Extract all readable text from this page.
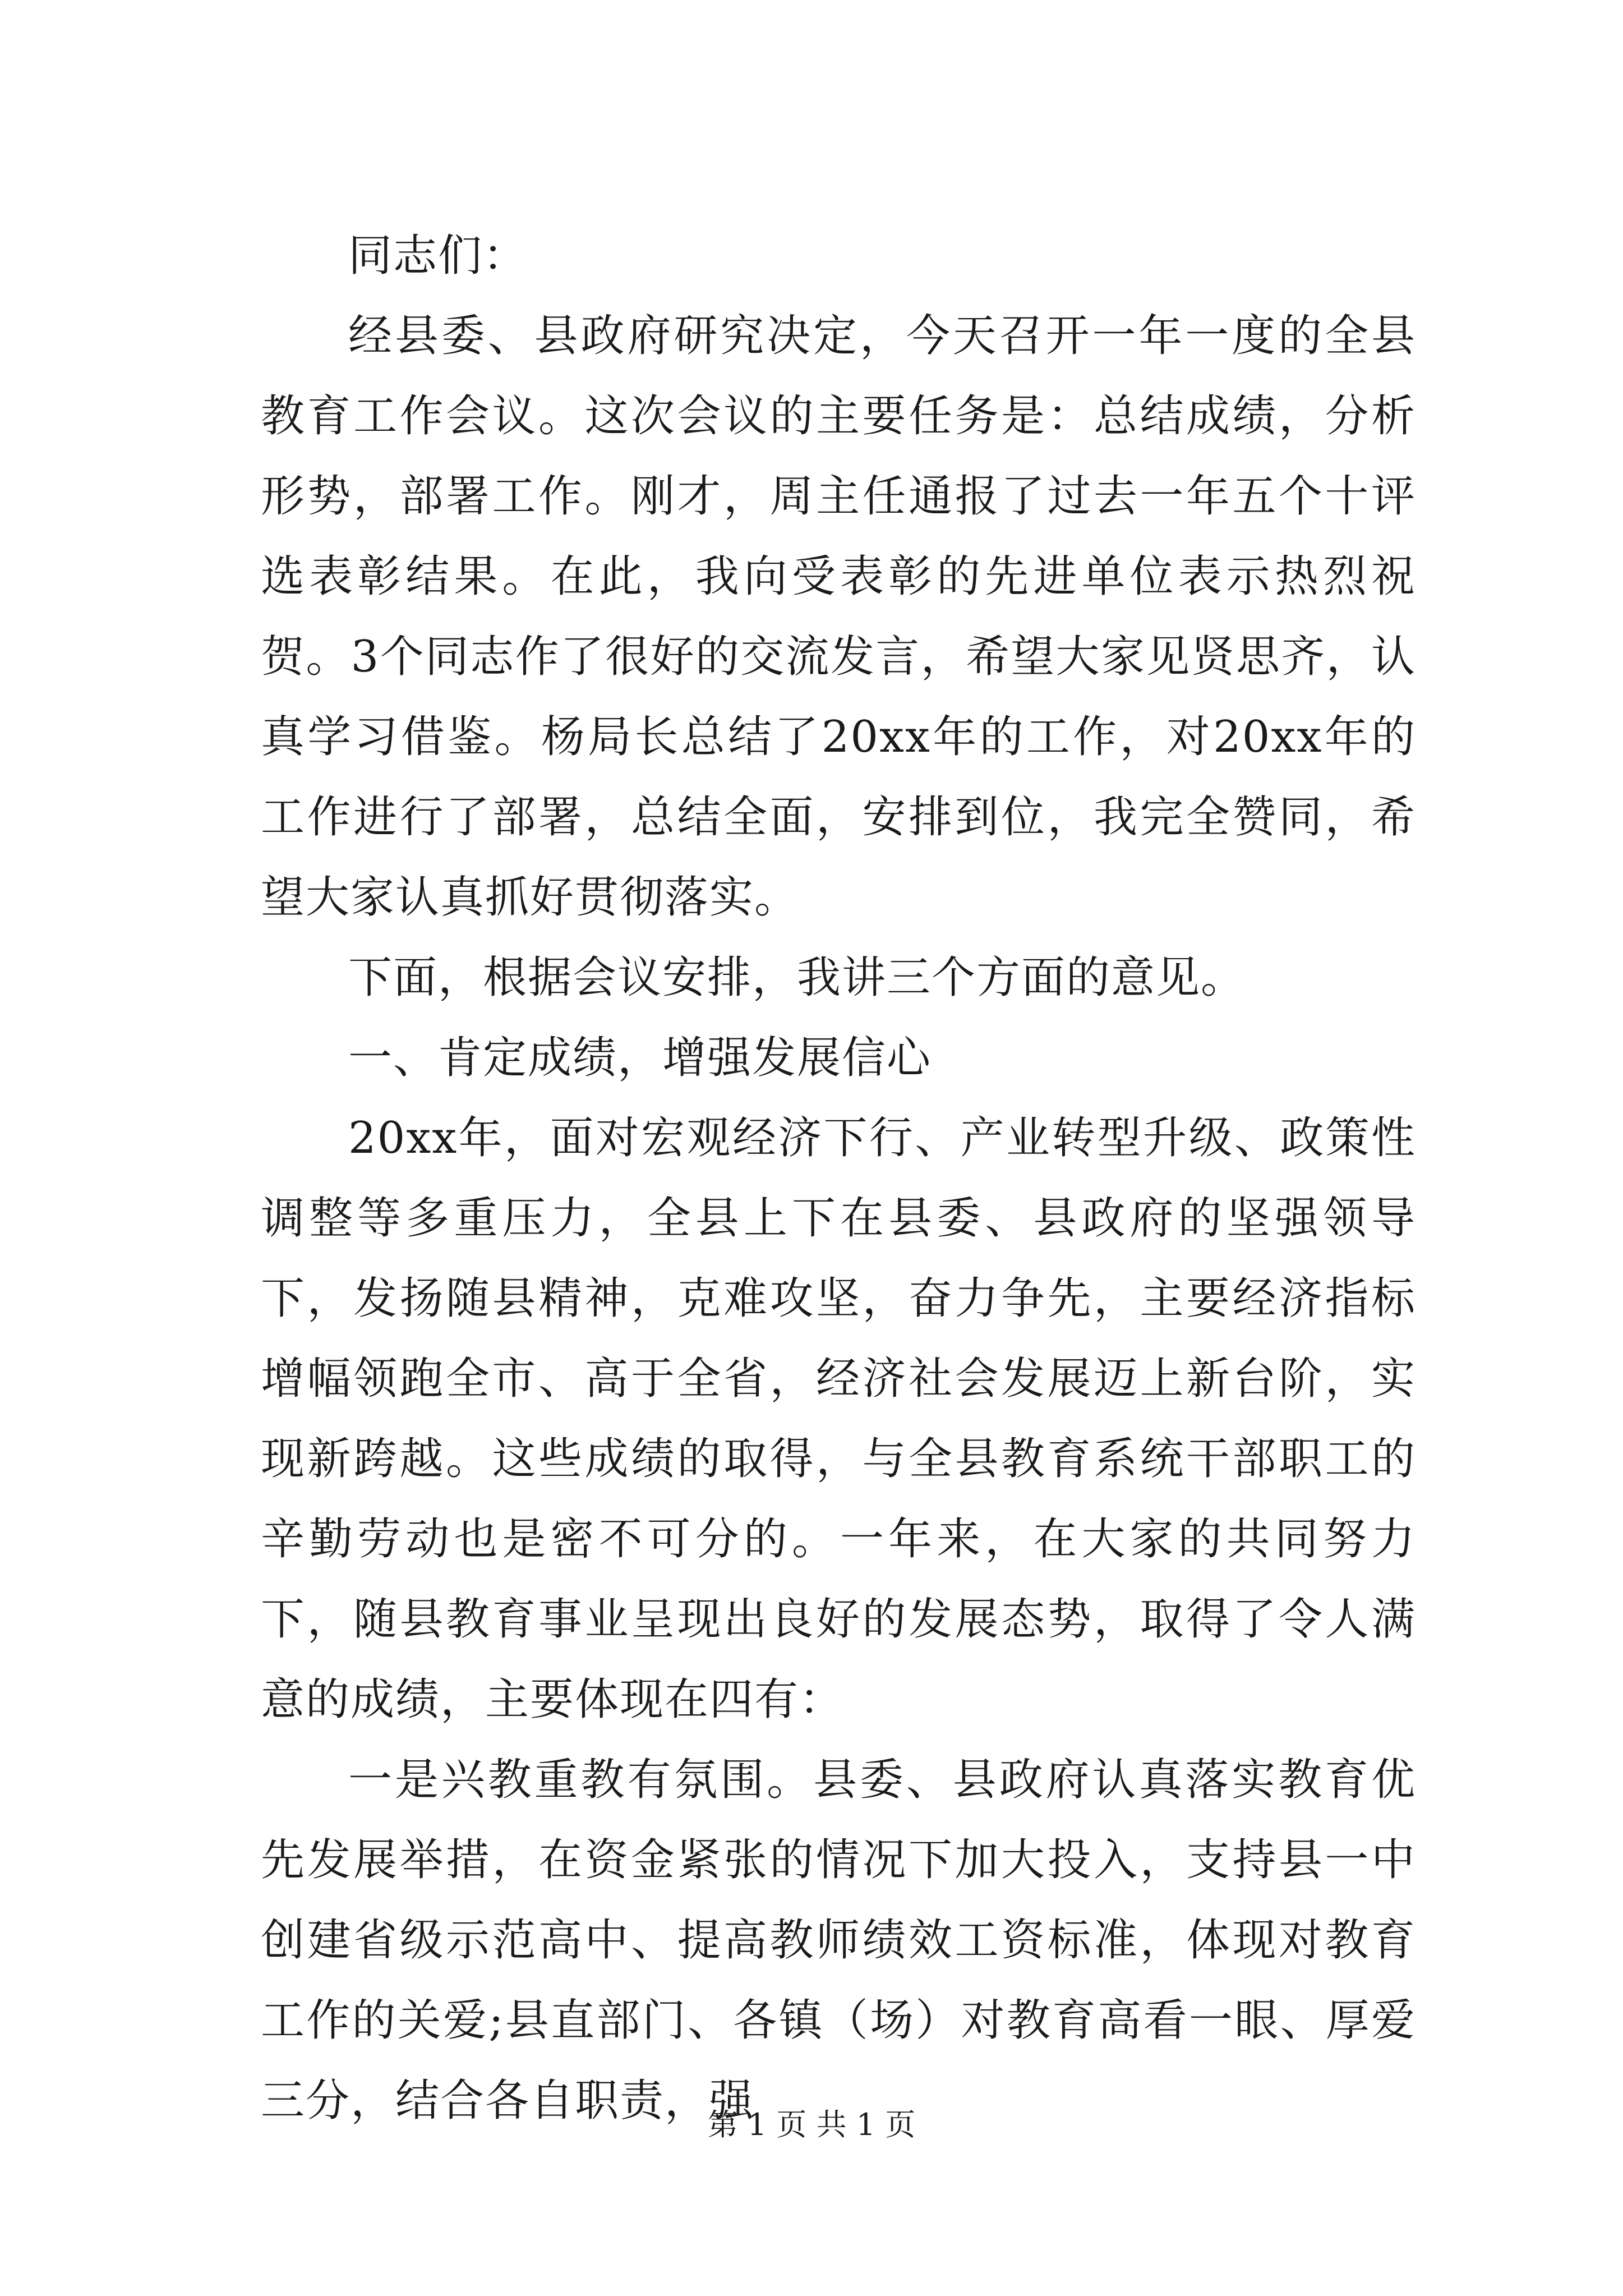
同志们：

经县委、县政府研究决定，今天召开一年一度的全县教育工作会议。这次会议的主要任务是：总结成绩，分析形势，部署工作。刚才，周主任通报了过去一年五个十评选表彰结果。在此，我向受表彰的先进单位表示热烈祝贺。3个同志作了很好的交流发言，希望大家见贤思齐，认真学习借鉴。杨局长总结了20xx年的工作，对20xx年的工作进行了部署，总结全面，安排到位，我完全赞同，希望大家认真抓好贯彻落实。

下面，根据会议安排，我讲三个方面的意见。

一、肯定成绩，增强发展信心

20xx年，面对宏观经济下行、产业转型升级、政策性调整等多重压力，全县上下在县委、县政府的坚强领导下，发扬随县精神，克难攻坚，奋力争先，主要经济指标增幅领跑全市、高于全省，经济社会发展迈上新台阶，实现新跨越。这些成绩的取得，与全县教育系统干部职工的辛勤劳动也是密不可分的。一年来，在大家的共同努力下，随县教育事业呈现出良好的发展态势，取得了令人满意的成绩，主要体现在四有：

一是兴教重教有氛围。县委、县政府认真落实教育优先发展举措，在资金紧张的情况下加大投入，支持县一中创建省级示范高中、提高教师绩效工资标准，体现对教育工作的关爱;县直部门、各镇（场）对教育高看一眼、厚爱三分，结合各自职责，强

第 1 页 共 1 页
